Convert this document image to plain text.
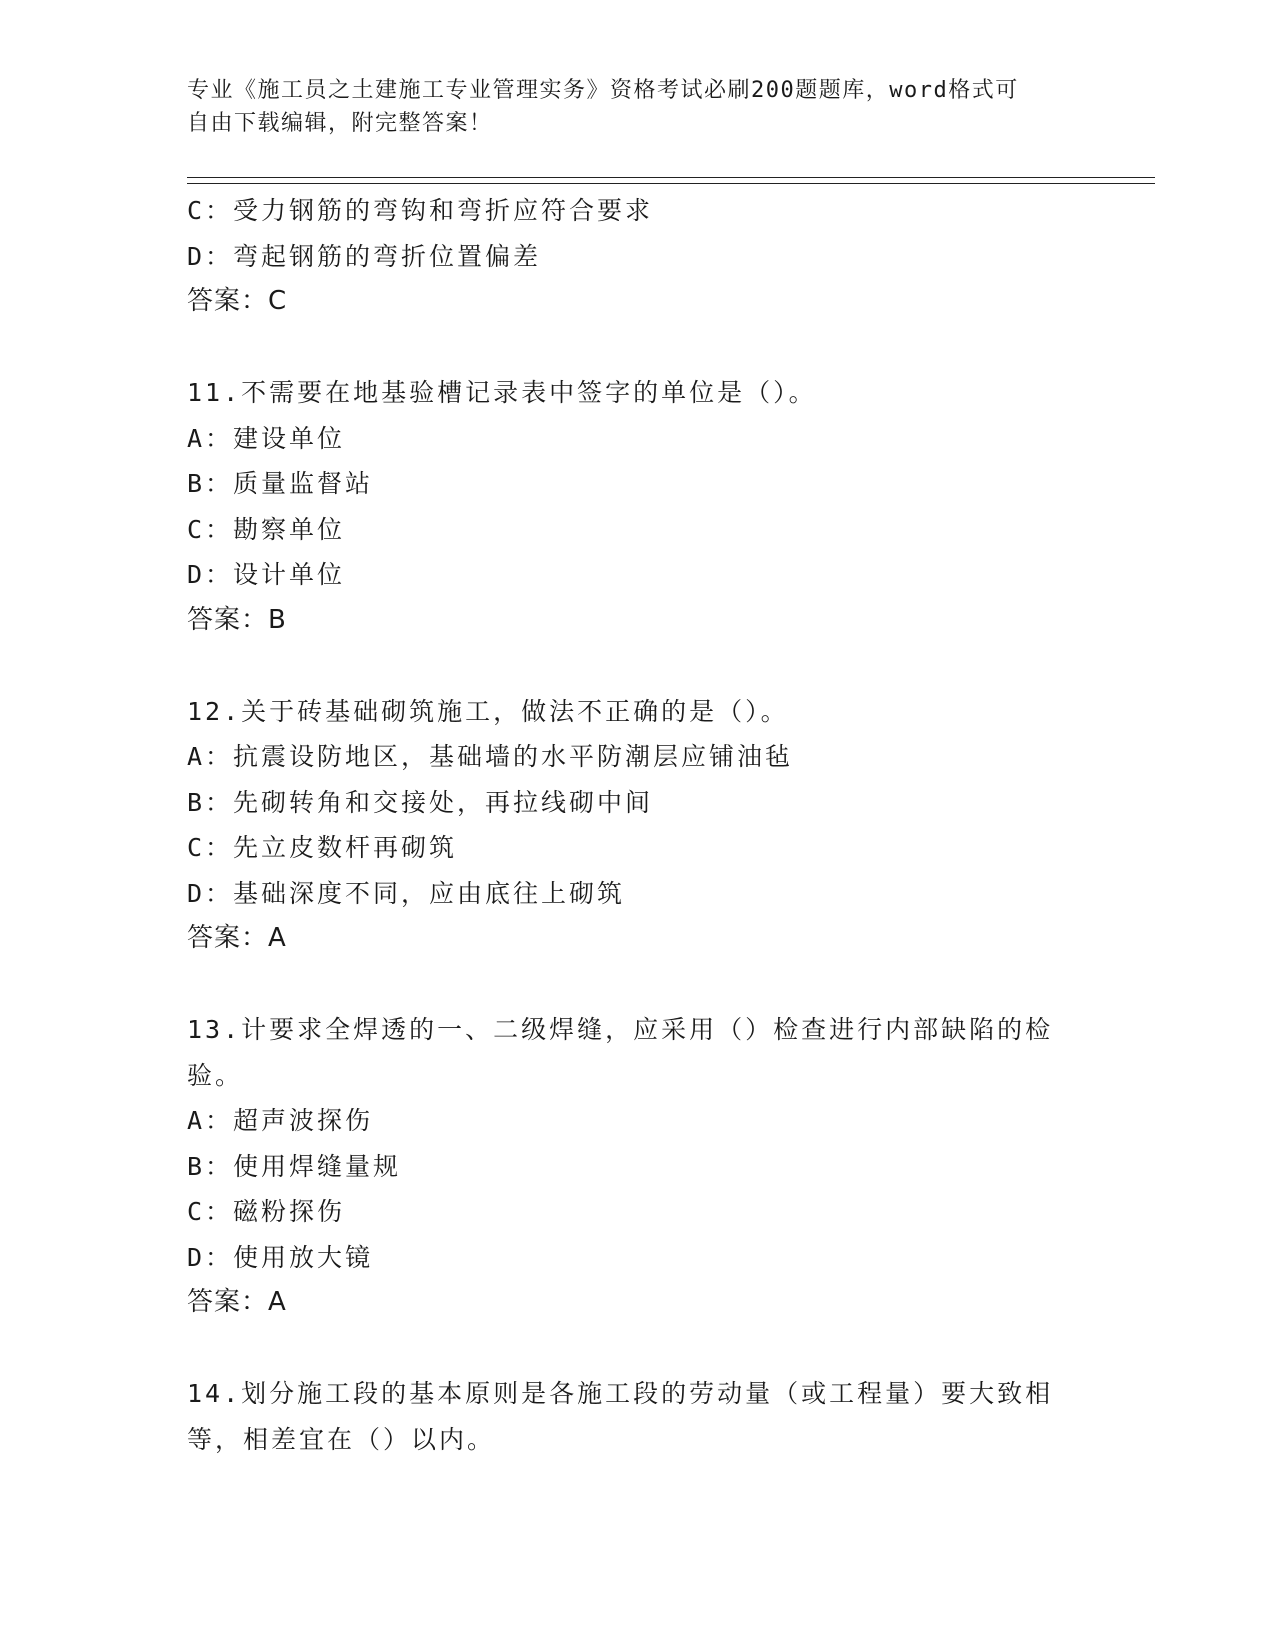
专业《施工员之土建施工专业管理实务》资格考试必刷200题题库，word格式可
自由下载编辑，附完整答案！
C：受力钢筋的弯钩和弯折应符合要求
D：弯起钢筋的弯折位置偏差
答案：C
11.不需要在地基验槽记录表中签字的单位是（）。
A：建设单位
B：质量监督站
C：勘察单位
D：设计单位
答案：B
12.关于砖基础砌筑施工，做法不正确的是（）。
A：抗震设防地区，基础墙的水平防潮层应铺油毡
B：先砌转角和交接处，再拉线砌中间
C：先立皮数杆再砌筑
D：基础深度不同，应由底往上砌筑
答案：A
13.计要求全焊透的一、二级焊缝，应采用（）检查进行内部缺陷的检
验。
A：超声波探伤
B：使用焊缝量规
C：磁粉探伤
D：使用放大镜
答案：A
14.划分施工段的基本原则是各施工段的劳动量（或工程量）要大致相
等，相差宜在（）以内。
